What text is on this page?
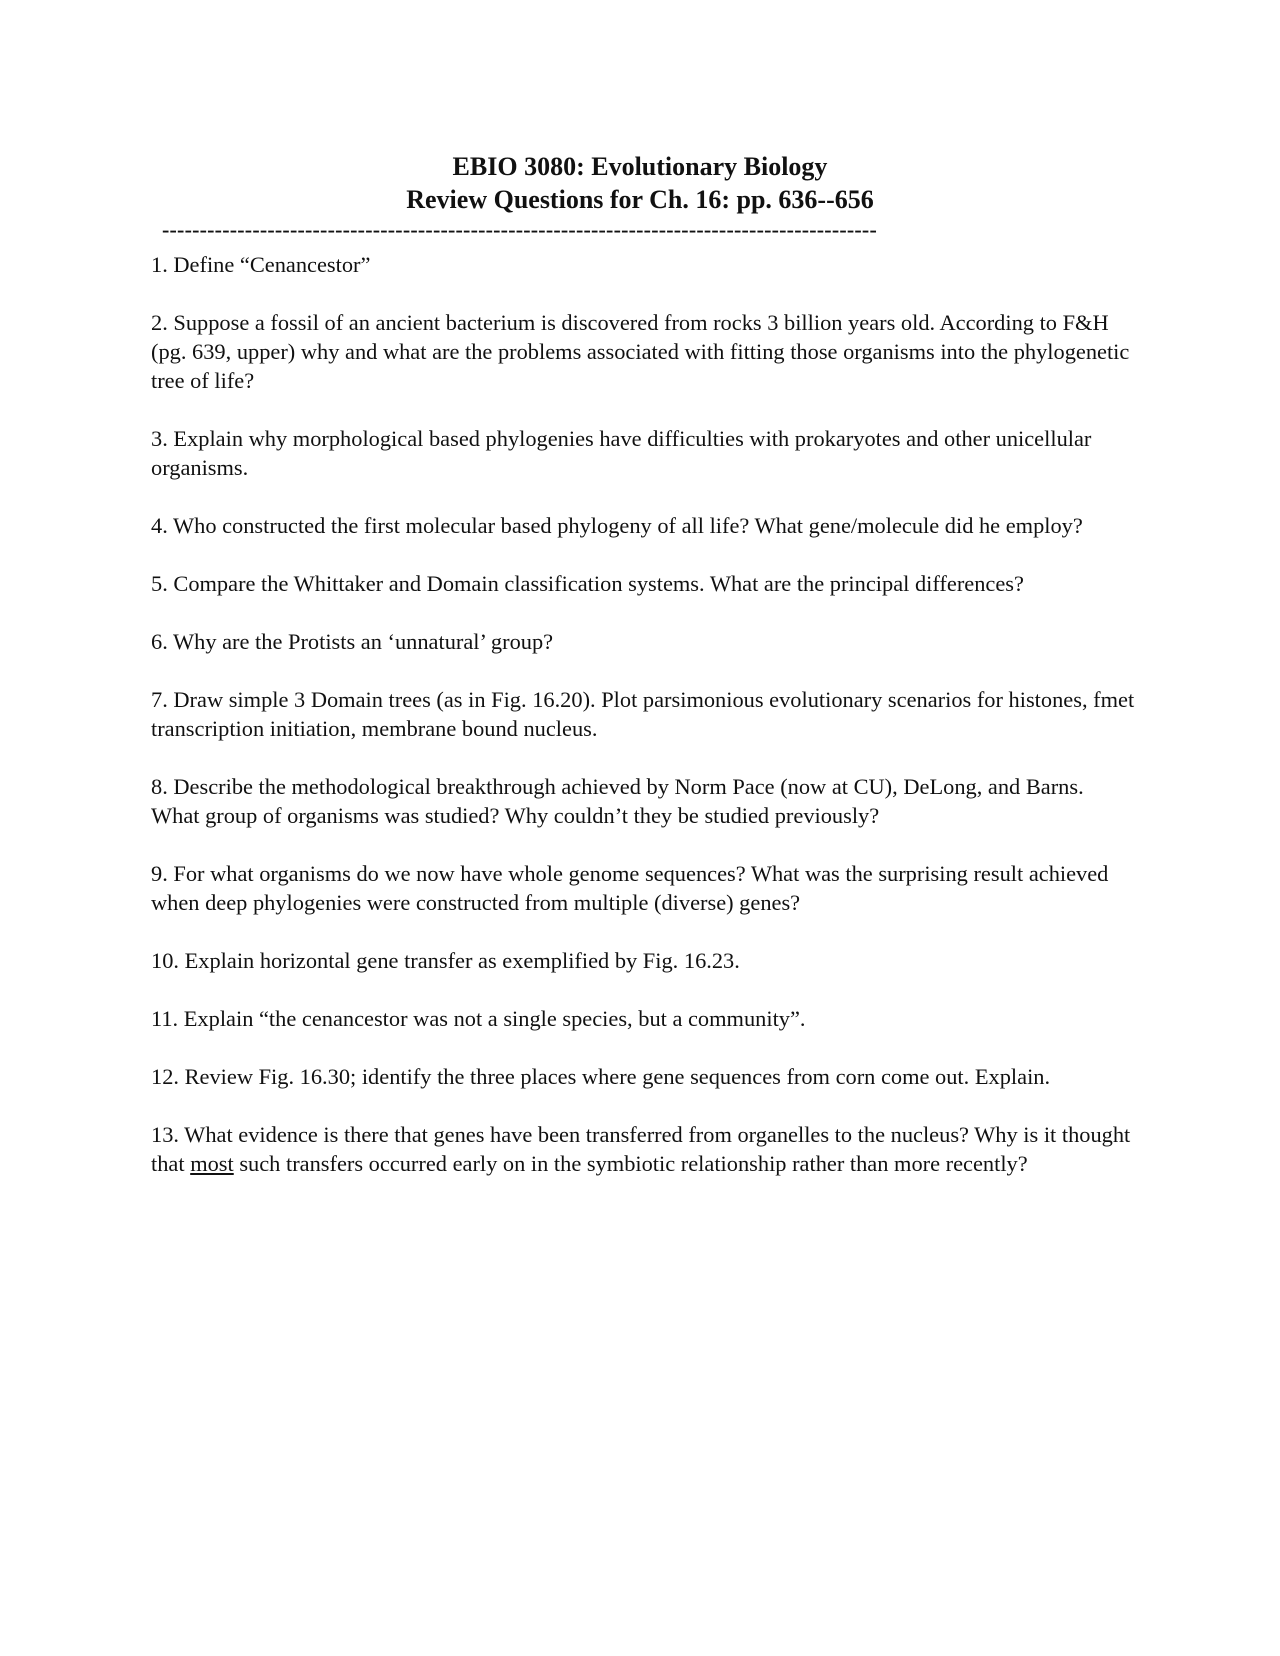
EBIO 3080: Evolutionary Biology
Review Questions for Ch. 16: pp. 636--656
-----------------------------------------------------------------------------------------------

1. Define “Cenancestor”

2. Suppose a fossil of an ancient bacterium is discovered from rocks 3 billion years old. According to F&H (pg. 639, upper) why and what are the problems associated with fitting those organisms into the phylogenetic tree of life?

3. Explain why morphological based phylogenies have difficulties with prokaryotes and other unicellular organisms.

4. Who constructed the first molecular based phylogeny of all life? What gene/molecule did he employ?

5. Compare the Whittaker and Domain classification systems. What are the principal differences?

6. Why are the Protists an ‘unnatural’ group?

7. Draw simple 3 Domain trees (as in Fig. 16.20). Plot parsimonious evolutionary scenarios for histones, fmet transcription initiation, membrane bound nucleus.

8. Describe the methodological breakthrough achieved by Norm Pace (now at CU), DeLong, and Barns. What group of organisms was studied? Why couldn’t they be studied previously?

9. For what organisms do we now have whole genome sequences? What was the surprising result achieved when deep phylogenies were constructed from multiple (diverse) genes?

10. Explain horizontal gene transfer as exemplified by Fig. 16.23.

11. Explain “the cenancestor was not a single species, but a community”.

12. Review Fig. 16.30; identify the three places where gene sequences from corn come out. Explain.

13. What evidence is there that genes have been transferred from organelles to the nucleus? Why is it thought that most such transfers occurred early on in the symbiotic relationship rather than more recently?
